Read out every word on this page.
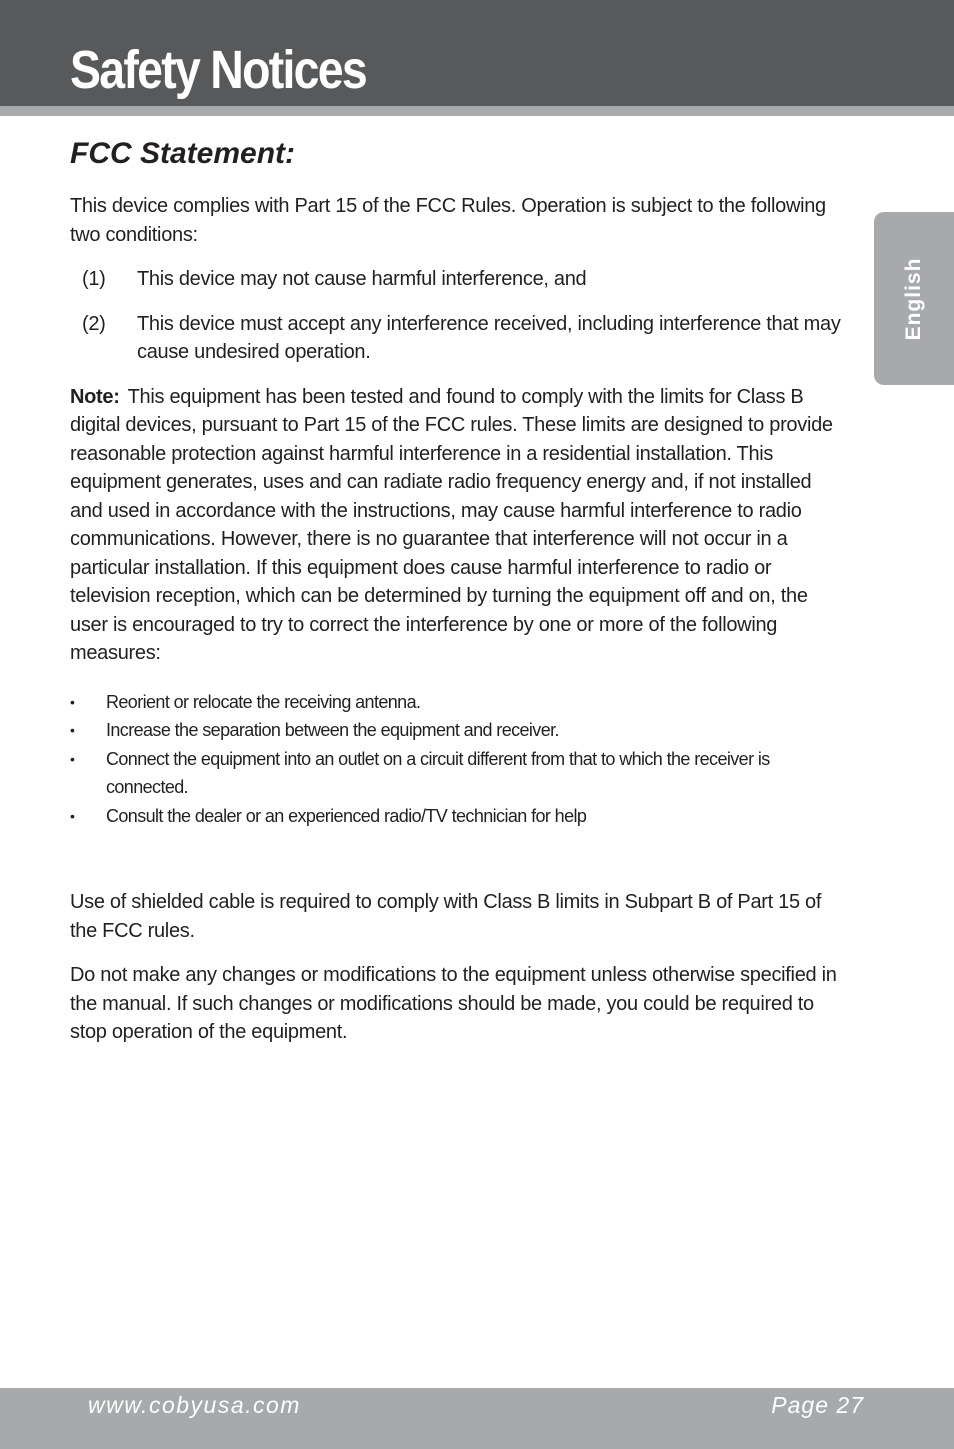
Safety Notices
English
FCC Statement:

This device complies with Part 15 of the FCC Rules. Operation is subject to the following two conditions:

(1)	This device may not cause harmful interference, and
(2)	This device must accept any interference received, including interference that may cause undesired operation.

Note: This equipment has been tested and found to comply with the limits for Class B digital devices, pursuant to Part 15 of the FCC rules. These limits are designed to provide reasonable protection against harmful interference in a residential installation. This equipment generates, uses and can radiate radio frequency energy and, if not installed and used in accordance with the instructions, may cause harmful interference to radio communications. However, there is no guarantee that interference will not occur in a particular installation. If this equipment does cause harmful interference to radio or television reception, which can be determined by turning the equipment off and on, the user is encouraged to try to correct the interference by one or more of the following measures:

•	Reorient or relocate the receiving antenna.
•	Increase the separation between the equipment and receiver.
•	Connect the equipment into an outlet on a circuit different from that to which the receiver is connected.
•	Consult the dealer or an experienced radio/TV technician for help

Use of shielded cable is required to comply with Class B limits in Subpart B of Part 15 of the FCC rules.

Do not make any changes or modifications to the equipment unless otherwise specified in the manual. If such changes or modifications should be made, you could be required to stop operation of the equipment.

www.cobyusa.com	Page 27
